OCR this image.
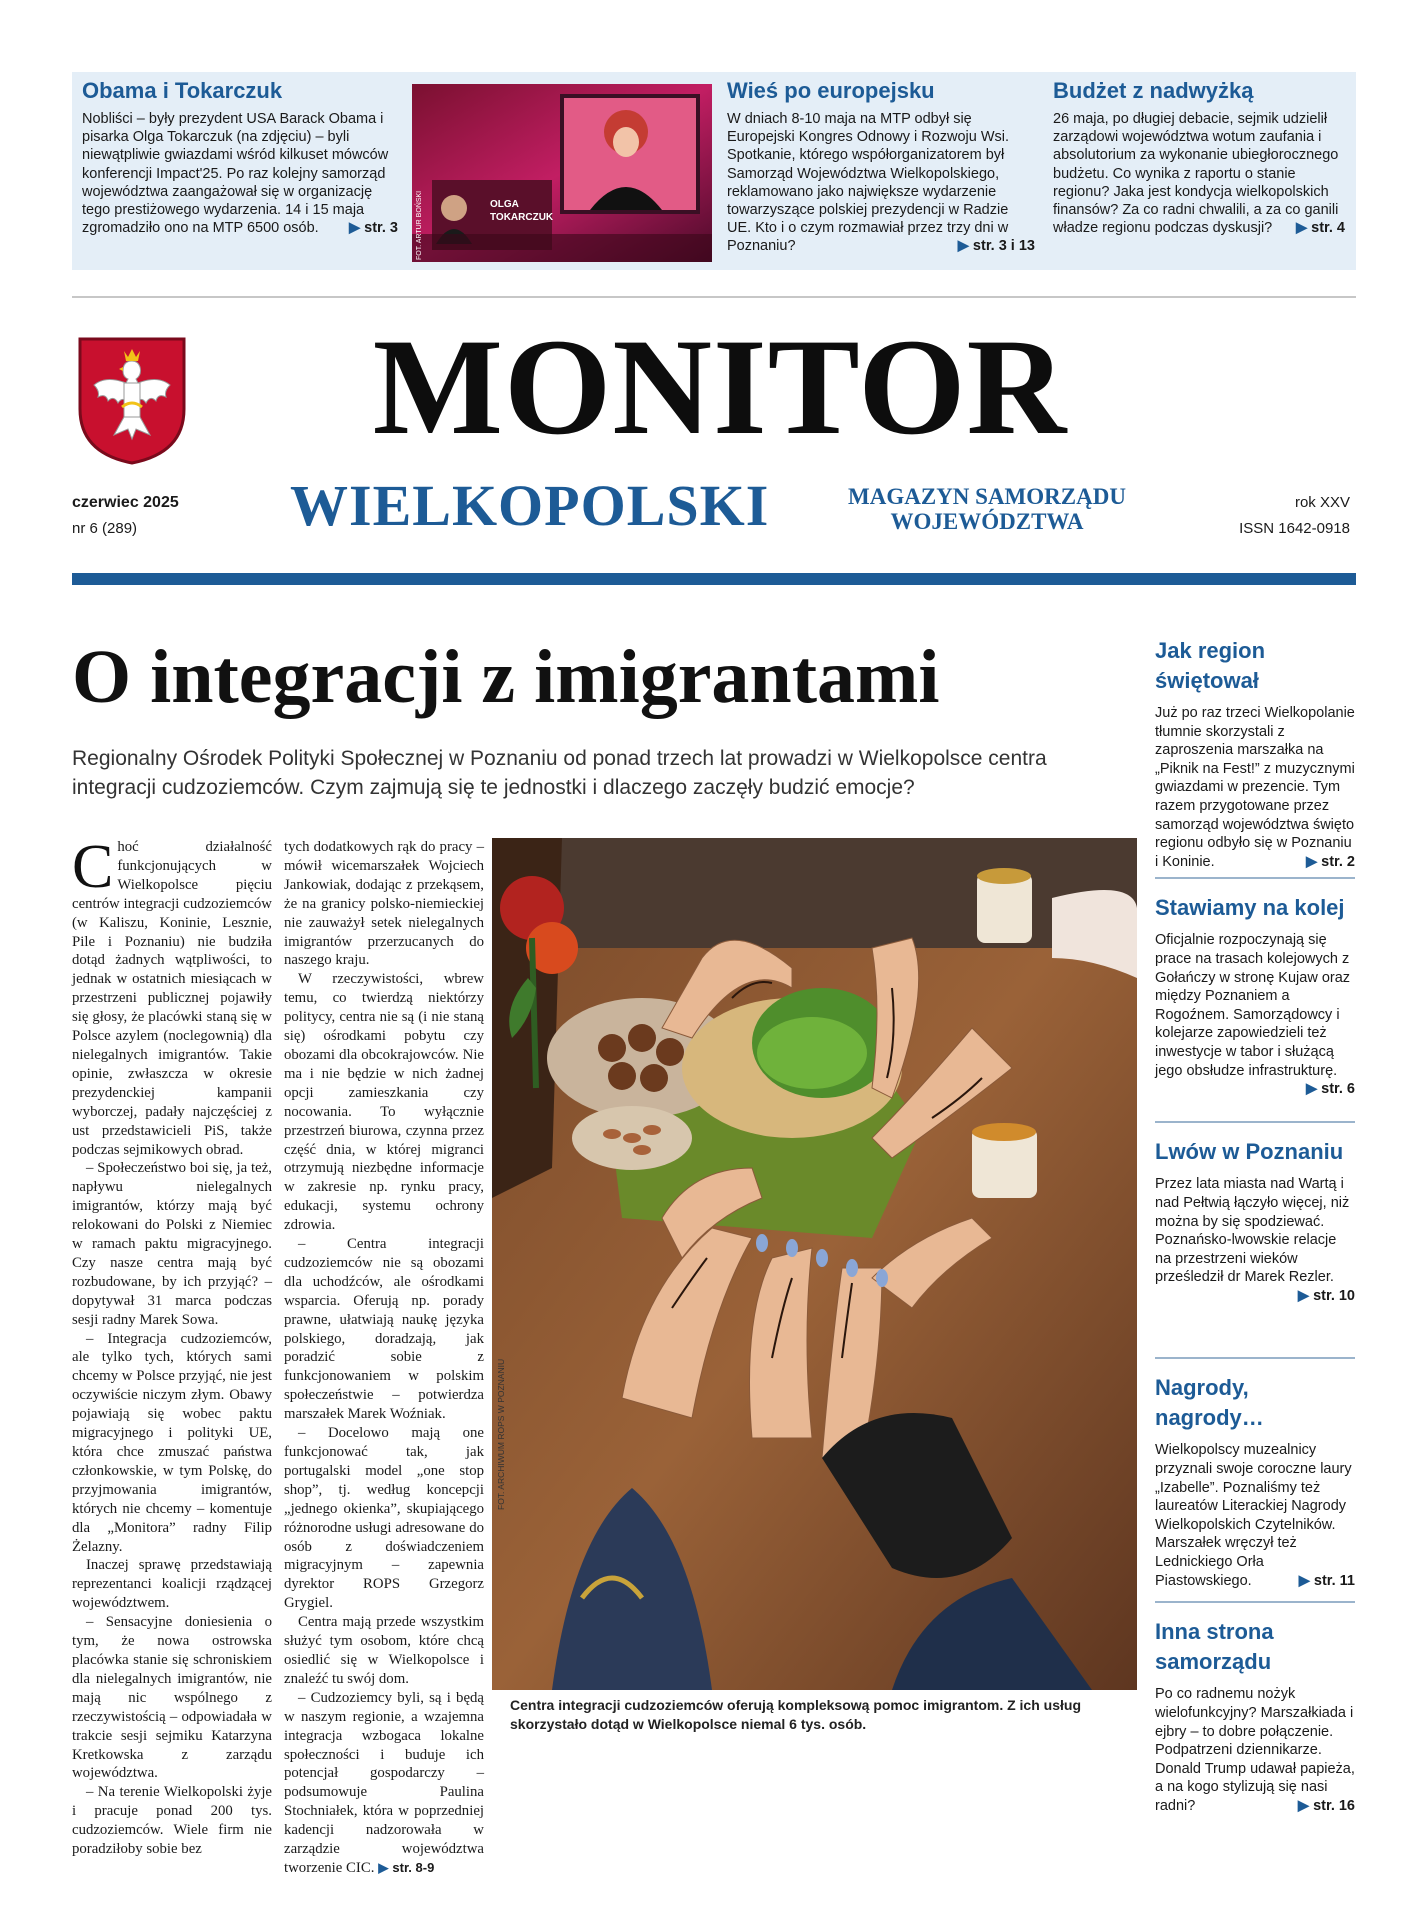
Obama i Tokarczuk

Nobliści – były prezydent USA Barack Obama i pisarka Olga Tokarczuk (na zdjęciu) – byli niewątpliwie gwiazdami wśród kilkuset mówców konferencji Impact'25. Po raz kolejny samorząd województwa zaangażował się w organizację tego prestiżowego wydarzenia. 14 i 15 maja zgromadziło ono na MTP 6500 osób. ▶ str. 3

OLGA
TOKARCZUK
FOT. ARTUR BOŃSKI
Wieś po europejsku

W dniach 8-10 maja na MTP odbył się Europejski Kongres Odnowy i Rozwoju Wsi. Spotkanie, którego współorganizatorem był Samorząd Województwa Wielkopolskiego, reklamowano jako największe wydarzenie towarzyszące polskiej prezydencji w Radzie UE. Kto i o czym rozmawiał przez trzy dni w Poznaniu?	▶ str. 3 i 13

Budżet z nadwyżką

26 maja, po długiej debacie, sejmik udzielił zarządowi województwa wotum zaufania i absolutorium za wykonanie ubiegłorocznego budżetu. Co wynika z raportu o stanie regionu? Jaka jest kondycja wielkopolskich finansów? Za co radni chwalili, a za co ganili władze regionu podczas dyskusji? ▶ str. 4

MONITOR
czerwiec 2025
nr 6 (289)	WIELKOPOLSKI	MAGAZYN SAMORZĄDU
WOJEWÓDZTWA
rok XXV
ISSN 1642-0918
O integracji z imigrantami

Regionalny Ośrodek Polityki Społecznej w Poznaniu od ponad trzech lat prowadzi w Wielkopolsce centra integracji cudzoziemców. Czym zajmują się te jednostki i dlaczego zaczęły budzić emocje?

Choć działalność funkcjonujących w Wielkopolsce pięciu centrów integracji cudzoziemców (w Kaliszu, Koninie, Lesznie, Pile i Poznaniu) nie budziła dotąd żadnych wątpliwości, to jednak w ostatnich miesiącach w przestrzeni publicznej pojawiły się głosy, że placówki staną się w Polsce azylem (noclegownią) dla nielegalnych imigrantów. Takie opinie, zwłaszcza w okresie prezydenckiej kampanii wyborczej, padały najczęściej z ust przedstawicieli PiS, także podczas sejmikowych obrad.

– Społeczeństwo boi się, ja też, napływu nielegalnych imigrantów, którzy mają być relokowani do Polski z Niemiec w ramach paktu migracyjnego. Czy nasze centra mają być rozbudowane, by ich przyjąć? – dopytywał 31 marca podczas sesji radny Marek Sowa.

– Integracja cudzoziemców, ale tylko tych, których sami chcemy w Polsce przyjąć, nie jest oczywiście niczym złym. Obawy pojawiają się wobec paktu migracyjnego i polityki UE, która chce zmuszać państwa członkowskie, w tym Polskę, do przyjmowania imigrantów, których nie chcemy – komentuje dla „Monitora” radny Filip Żelazny.

Inaczej sprawę przedstawiają reprezentanci koalicji rządzącej województwem.

– Sensacyjne doniesienia o tym, że nowa ostrowska placówka stanie się schroniskiem dla nielegalnych imigrantów, nie mają nic wspólnego z rzeczywistością – odpowiadała w trakcie sesji sejmiku Katarzyna Kretkowska z zarządu województwa.

– Na terenie Wielkopolski żyje i pracuje ponad 200 tys. cudzoziemców. Wiele firm nie poradziłoby sobie bez

tych dodatkowych rąk do pracy – mówił wicemarszałek Wojciech Jankowiak, dodając z przekąsem, że na granicy polsko-niemieckiej nie zauważył setek nielegalnych imigrantów przerzucanych do naszego kraju.

W rzeczywistości, wbrew temu, co twierdzą niektórzy politycy, centra nie są (i nie staną się) ośrodkami pobytu czy obozami dla obcokrajowców. Nie ma i nie będzie w nich żadnej opcji zamieszkania czy nocowania. To wyłącznie przestrzeń biurowa, czynna przez część dnia, w której migranci otrzymują niezbędne informacje w zakresie np. rynku pracy, edukacji, systemu ochrony zdrowia.

– Centra integracji cudzoziemców nie są obozami dla uchodźców, ale ośrodkami wsparcia. Oferują np. porady prawne, ułatwiają naukę języka polskiego, doradzają, jak poradzić sobie z funkcjonowaniem w polskim społeczeństwie – potwierdza marszałek Marek Woźniak.

– Docelowo mają one funkcjonować tak, jak portugalski model „one stop shop”, tj. według koncepcji „jednego okienka”, skupiającego różnorodne usługi adresowane do osób z doświadczeniem migracyjnym – zapewnia dyrektor ROPS Grzegorz Grygiel.

Centra mają przede wszystkim służyć tym osobom, które chcą osiedlić się w Wielkopolsce i znaleźć tu swój dom.

– Cudzoziemcy byli, są i będą w naszym regionie, a wzajemna integracja wzbogaca lokalne społeczności i buduje ich potencjał gospodarczy – podsumowuje Paulina Stochniałek, która w poprzedniej kadencji nadzorowała w zarządzie województwa tworzenie CIC. ▶ str. 8-9

FOT. ARCHIWUM ROPS W POZNANIU

Centra integracji cudzoziemców oferują kompleksową pomoc imigrantom. Z ich usług skorzystało dotąd w Wielkopolsce niemal 6 tys. osób.

Jak region świętował

Już po raz trzeci Wielkopolanie tłumnie skorzystali z zaproszenia marszałka na „Piknik na Fest!” z muzycznymi gwiazdami w prezencie. Tym razem przygotowane przez samorząd województwa święto regionu odbyło się w Poznaniu i Koninie.	▶ str. 2

Stawiamy na kolej

Oficjalnie rozpoczynają się prace na trasach kolejowych z Gołańczy w stronę Kujaw oraz między Poznaniem a Rogoźnem. Samorządowcy i kolejarze zapowiedzieli też inwestycje w tabor i służącą jego obsłudze infrastrukturę.
▶ str. 6

Lwów w Poznaniu

Przez lata miasta nad Wartą i nad Pełtwią łączyło więcej, niż można by się spodziewać. Poznańsko-lwowskie relacje na przestrzeni wieków prześledził dr Marek Rezler.
▶ str. 10

Nagrody, nagrody…

Wielkopolscy muzealnicy przyznali swoje coroczne laury „Izabelle”. Poznaliśmy też laureatów Literackiej Nagrody Wielkopolskich Czytelników. Marszałek wręczył też Lednickiego Orła Piastowskiego.	▶ str. 11

Inna strona samorządu

Po co radnemu nożyk wielofunkcyjny? Marszałkiada i ejbry – to dobre połączenie. Podpatrzeni dziennikarze. Donald Trump udawał papieża, a na kogo stylizują się nasi radni?	▶ str. 16
